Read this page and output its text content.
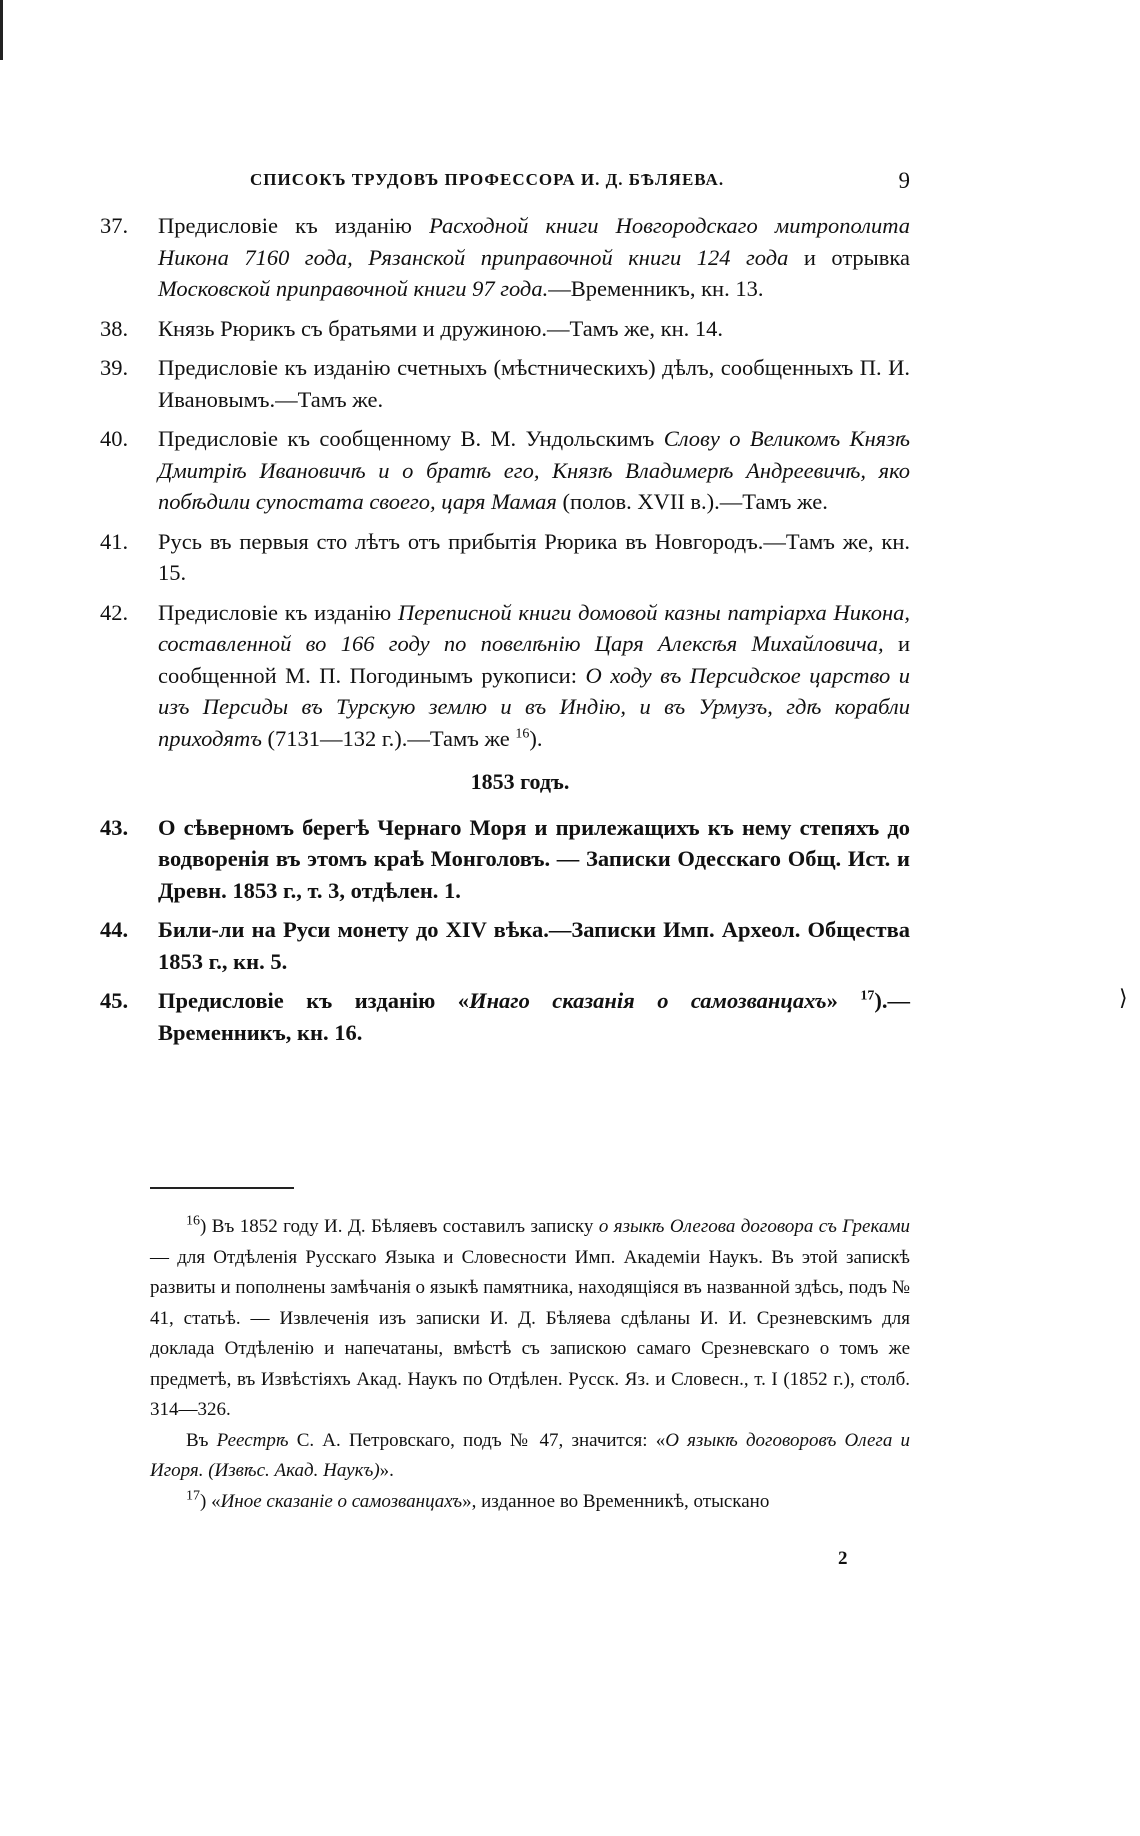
СПИСОКЪ ТРУДОВЪ ПРОФЕССОРА И. Д. БѢЛЯЕВА.	9
37. Предисловіе къ изданію Расходной книги Новгородскаго митрополита Никона 7160 года, Рязанской приправочной книги 124 года и отрывка Московской приправочной книги 97 года.—Временникъ, кн. 13.
38. Князь Рюрикъ съ братьями и дружиною.—Тамъ же, кн. 14.
39. Предисловіе къ изданію счетныхъ (мѣстническихъ) дѣлъ, сообщенныхъ П. И. Ивановымъ.—Тамъ же.
40. Предисловіе къ сообщенному В. М. Ундольскимъ Слову о Великомъ Князѣ Дмитріѣ Ивановичѣ и о братѣ его, Князѣ Владимерѣ Андреевичѣ, яко побѣдили супостата своего, царя Мамая (полов. XVII в.).—Тамъ же.
41. Русь въ первыя сто лѣтъ отъ прибытія Рюрика въ Новгородъ.—Тамъ же, кн. 15.
42. Предисловіе къ изданію Переписной книги домовой казны патріарха Никона, составленной во 166 году по повелѣнію Царя Алексѣя Михайловича, и сообщенной М. П. Погодинымъ рукописи: О ходу въ Персидское царство и изъ Персиды въ Турскую землю и въ Индію, и въ Урмузъ, гдѣ корабли приходятъ (7131—132 г.).—Тамъ же $^{16}$).
1853 годъ.
43. О сѣверномъ берегѣ Чернаго Моря и прилежащихъ къ нему степяхъ до водворенія въ этомъ краѣ Монголовъ. — Записки Одесскаго Общ. Ист. и Древн. 1853 г., т. 3, отдѣлен. 1.
44. Били-ли на Руси монету до XIV вѣка.—Записки Имп. Археол. Общества 1853 г., кн. 5.
45. Предисловіе къ изданію «Инаго сказанія о самозванцахъ» $^{17}$).—Временникъ, кн. 16.

$^{16}$) Въ 1852 году И. Д. Бѣляевъ составилъ записку о языкѣ Олегова договора съ Греками — для Отдѣленія Русскаго Языка и Словесности Имп. Академіи Наукъ. Въ этой запискѣ развиты и пополнены замѣчанія о языкѣ памятника, находящіяся въ названной здѣсь, подъ № 41, статьѣ. — Извлеченія изъ записки И. Д. Бѣляева сдѣланы И. И. Срезневскимъ для доклада Отдѣленію и напечатаны, вмѣстѣ съ запискою самаго Срезневскаго о томъ же предметѣ, въ Извѣстіяхъ Акад. Наукъ по Отдѣлен. Русск. Яз. и Словесн., т. I (1852 г.), столб. 314—326.

Въ Реестрѣ С. А. Петровскаго, подъ № 47, значится: «О языкѣ договоровъ Олега и Игоря. (Извѣс. Акад. Наукъ)».

$^{17}$) «Иное сказаніе о самозванцахъ», изданное во Временникѣ, отыскано

2
⟩
